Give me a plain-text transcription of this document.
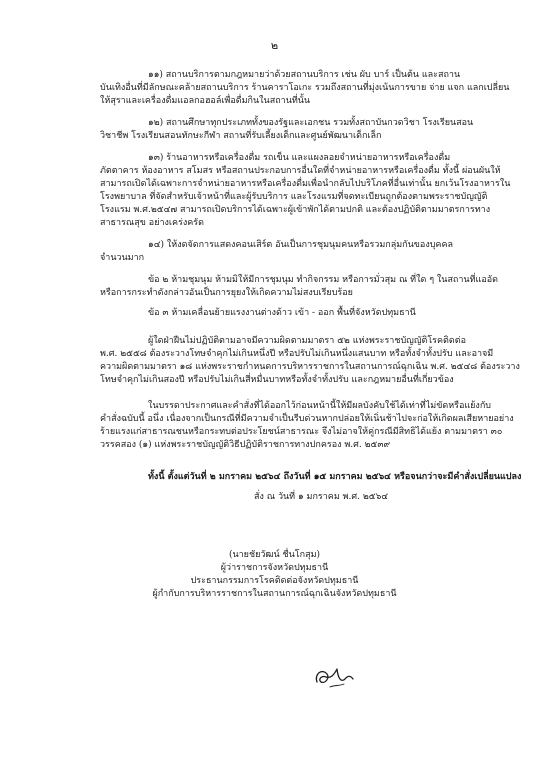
๒
๑๑) สถานบริการตามกฎหมายว่าด้วยสถานบริการ เช่น ผับ บาร์ เป็นต้น และสถาน
บันเทิงอื่นที่มีลักษณะคล้ายสถานบริการ ร้านคาราโอเกะ รวมถึงสถานที่มุ่งเน้นการขาย จ่าย แจก แลกเปลี่ยน
ให้สุราและเครื่องดื่มแอลกอฮอล์เพื่อดื่มกินในสถานที่นั้น
๑๒) สถานศึกษาทุกประเภททั้งของรัฐและเอกชน รวมทั้งสถาบันกวดวิชา โรงเรียนสอน
วิชาชีพ โรงเรียนสอนทักษะกีฬา สถานที่รับเลี้ยงเด็กและศูนย์พัฒนาเด็กเล็ก
๑๓) ร้านอาหารหรือเครื่องดื่ม รถเข็น และแผงลอยจำหน่ายอาหารหรือเครื่องดื่ม
ภัตตาคาร ห้องอาหาร สโมสร หรือสถานประกอบการอื่นใดที่จำหน่ายอาหารหรือเครื่องดื่ม ทั้งนี้ ผ่อนผันให้
สามารถเปิดได้เฉพาะการจำหน่ายอาหารหรือเครื่องดื่มเพื่อนำกลับไปบริโภคที่อื่นเท่านั้น ยกเว้นโรงอาหารใน
โรงพยาบาล ที่จัดสำหรับเจ้าหน้าที่และผู้รับบริการ และโรงแรมที่จดทะเบียนถูกต้องตามพระราชบัญญัติ
โรงแรม พ.ศ.๒๕๔๗ สามารถเปิดบริการได้เฉพาะผู้เข้าพักได้ตามปกติ และต้องปฏิบัติตามมาตรการทาง
สาธารณสุข อย่างเคร่งครัด
๑๔) ให้งดจัดการแสดงคอนเสิร์ต อันเป็นการชุมนุมคนหรือรวมกลุ่มกันของบุคคล
จำนวนมาก
ข้อ ๒ ห้ามชุมนุม ห้ามมิให้มีการชุมนุม ทำกิจกรรม หรือการมั่วสุม ณ ที่ใด ๆ ในสถานที่แออัด
หรือการกระทำดังกล่าวอันเป็นการยุยงให้เกิดความไม่สงบเรียบร้อย
ข้อ ๓ ห้ามเคลื่อนย้ายแรงงานต่างด้าว เข้า - ออก พื้นที่จังหวัดปทุมธานี
ผู้ใดฝ่าฝืนไม่ปฏิบัติตามอาจมีความผิดตามมาตรา ๕๒ แห่งพระราชบัญญัติโรคติดต่อ
พ.ศ. ๒๕๕๘ ต้องระวางโทษจำคุกไม่เกินหนึ่งปี หรือปรับไม่เกินหนึ่งแสนบาท หรือทั้งจำทั้งปรับ และอาจมี
ความผิดตามมาตรา ๑๘ แห่งพระราชกำหนดการบริหารราชการในสถานการณ์ฉุกเฉิน พ.ศ. ๒๕๔๘ ต้องระวาง
โทษจำคุกไม่เกินสองปี หรือปรับไม่เกินสี่หมื่นบาทหรือทั้งจำทั้งปรับ และกฎหมายอื่นที่เกี่ยวข้อง
ในบรรดาประกาศและคำสั่งที่ได้ออกไว้ก่อนหน้านี้ให้มีผลบังคับใช้ได้เท่าที่ไม่ขัดหรือแย้งกับ
คำสั่งฉบับนี้ อนึ่ง เนื่องจากเป็นกรณีที่มีความจำเป็นรีบด่วนหากปล่อยให้เนิ่นช้าไปจะก่อให้เกิดผลเสียหายอย่าง
ร้ายแรงแก่สาธารณชนหรือกระทบต่อประโยชน์สาธารณะ จึงไม่อาจให้คู่กรณีมีสิทธิได้แย้ง ตามมาตรา ๓๐
วรรคสอง (๑) แห่งพระราชบัญญัติวิธีปฏิบัติราชการทางปกครอง พ.ศ. ๒๕๓๙
ทั้งนี้ ตั้งแต่วันที่ ๒ มกราคม ๒๕๖๔ ถึงวันที่ ๑๕ มกราคม ๒๕๖๔ หรือจนกว่าจะมีคำสั่งเปลี่ยนแปลง
สั่ง ณ วันที่ ๑ มกราคม พ.ศ. ๒๕๖๔
(นายชัยวัฒน์ ชื่นโกสุม)
ผู้ว่าราชการจังหวัดปทุมธานี
ประธานกรรมการโรคติดต่อจังหวัดปทุมธานี
ผู้กำกับการบริหารราชการในสถานการณ์ฉุกเฉินจังหวัดปทุมธานี
